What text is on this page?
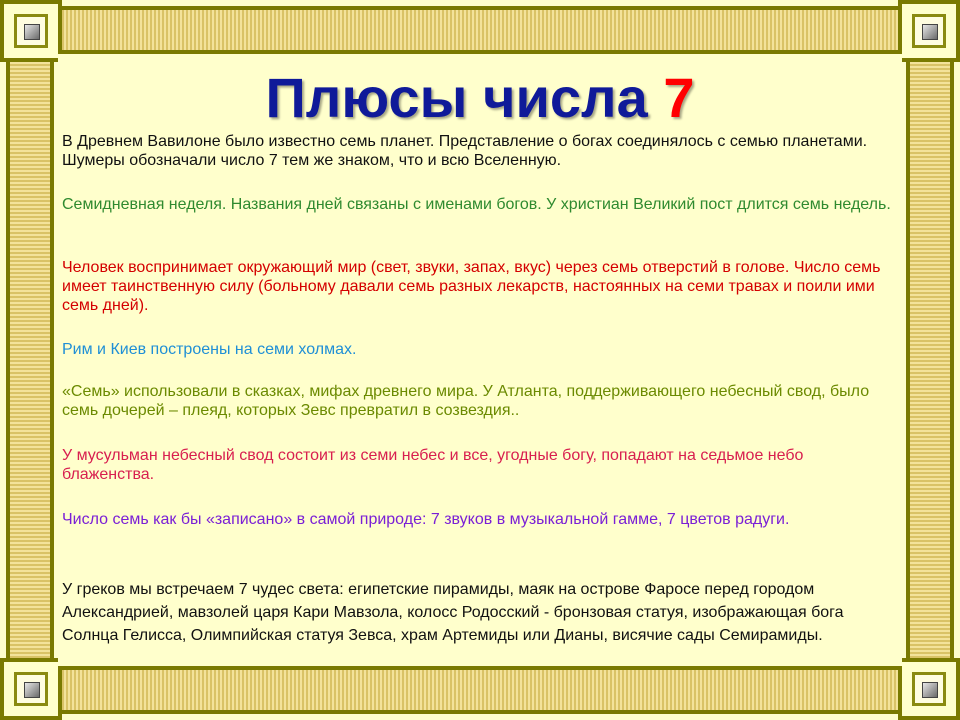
Плюсы числа 7

В Древнем Вавилоне было известно семь планет. Представление о богах соединялось с семью планетами. Шумеры обозначали число 7 тем же знаком, что и всю Вселенную.

Семидневная неделя. Названия дней связаны с именами богов. У христиан Великий пост длится семь недель.

Человек воспринимает окружающий мир (свет, звуки, запах, вкус) через семь отверстий в голове. Число семь имеет таинственную силу (больному давали семь разных лекарств, настоянных на семи травах и поили ими семь дней).

Рим и Киев построены на семи холмах.

«Семь» использовали в сказках, мифах древнего мира. У Атланта, поддерживающего небесный свод, было семь дочерей – плеяд, которых Зевс превратил в созвездия..

У мусульман небесный свод состоит из семи небес и все, угодные богу, попадают на седьмое небо блаженства.

Число семь как бы «записано» в самой природе: 7 звуков в музыкальной гамме, 7 цветов радуги.

У греков мы встречаем 7 чудес света: египетские пирамиды, маяк на острове Фаросе перед городом Александрией, мавзолей царя Кари Мавзола, колосс Родосский - бронзовая статуя, изображающая бога Солнца Гелисса, Олимпийская статуя Зевса, храм Артемиды или Дианы, висячие сады Семирамиды.
